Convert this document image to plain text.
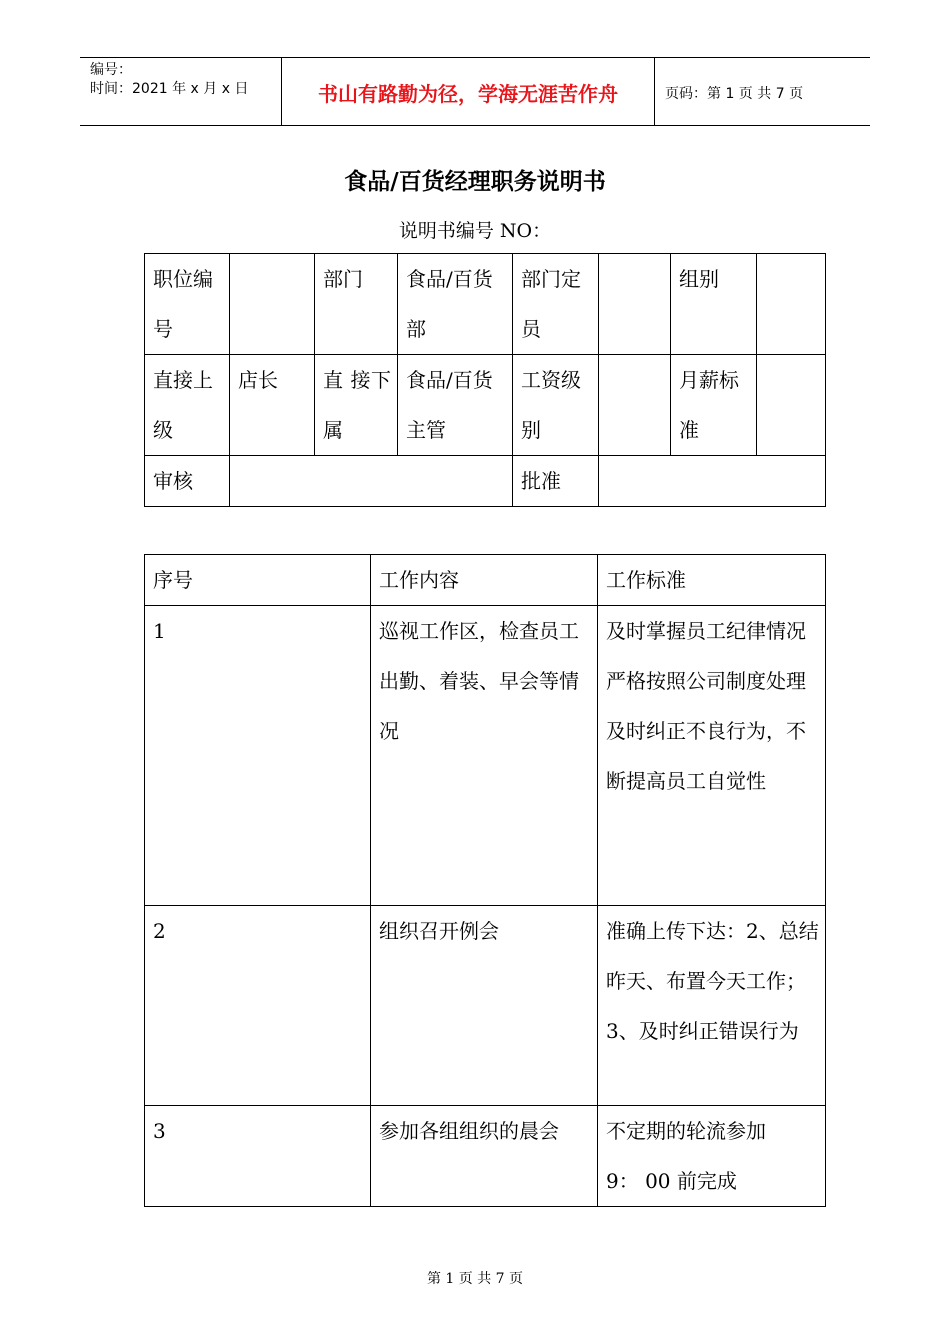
编号：
时间：2021 年 x 月 x 日	书山有路勤为径，学海无涯苦作舟	页码：第 1 页 共 7 页
食品/百货经理职务说明书
说明书编号 NO：
职位编号		部门	食品/百货部	部门定员		组别	
直接上级	店长	直 接下属	食品/百货主管	工资级别		月薪标准	
审核				批准			
序号	工作内容	工作标准
1	巡视工作区，检查员工出勤、着装、早会等情况	及时掌握员工纪律情况
严格按照公司制度处理
及时纠正不良行为，不断提高员工自觉性

2	组织召开例会	准确上传下达：2、总结昨天、布置今天工作；3、及时纠正错误行为

3	参加各组组织的晨会	不定期的轮流参加
9： 00 前完成
第 1 页 共 7 页
